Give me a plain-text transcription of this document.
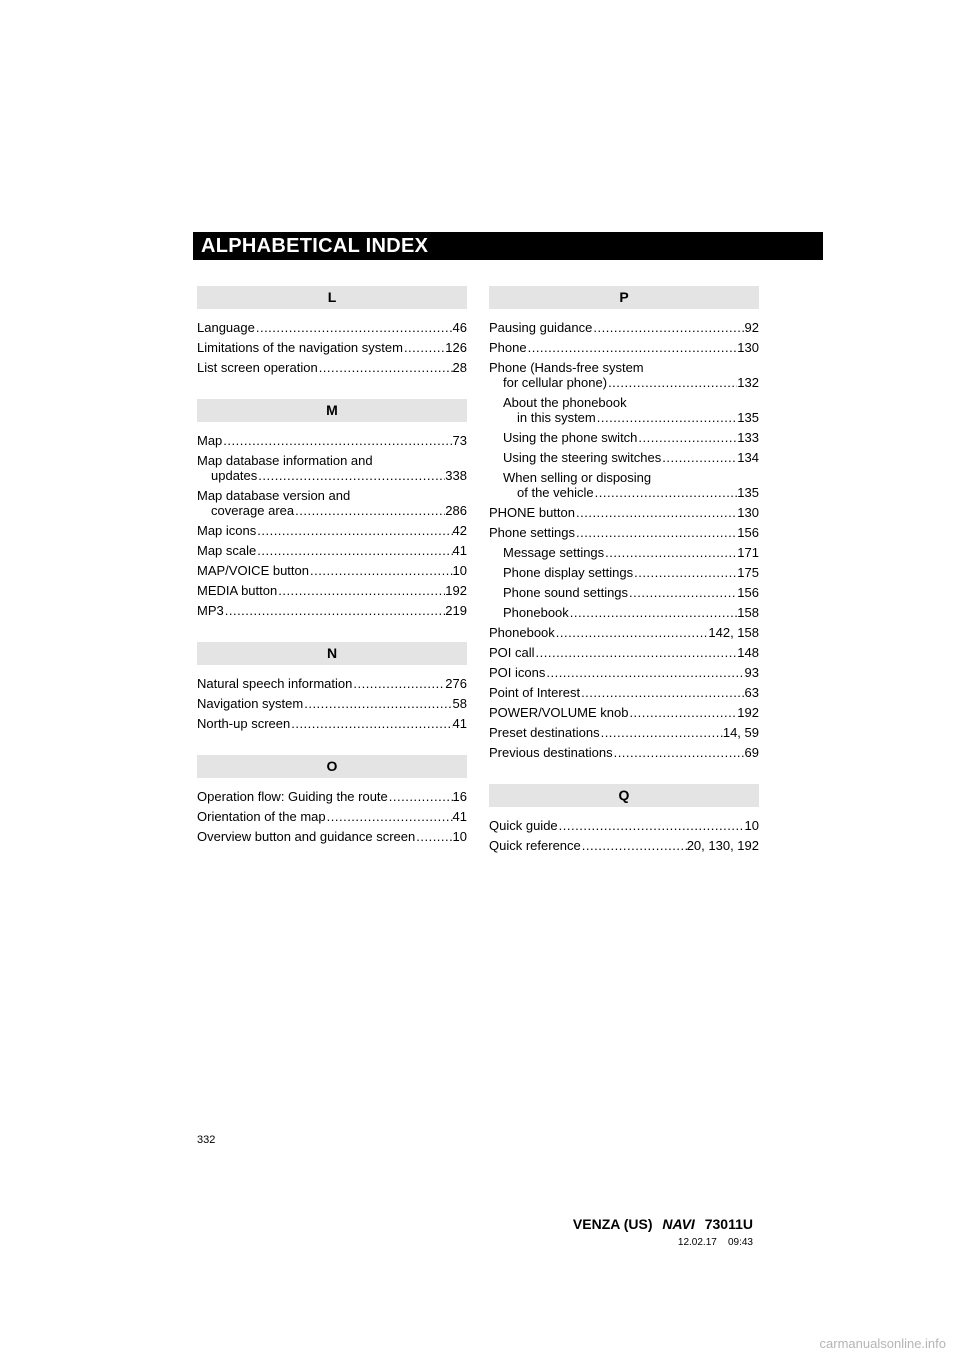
ALPHABETICAL INDEX
L
Language .....	46
Limitations of the navigation system .....	126
List screen operation .....	28
M
Map .....	73
Map database information and
updates .....	338
Map database version and
coverage area .....	286
Map icons .....	42
Map scale .....	41
MAP/VOICE button .....	10
MEDIA button .....	192
MP3 .....	219
N
Natural speech information .....	276
Navigation system .....	58
North-up screen .....	41
O
Operation flow: Guiding the route .....	16
Orientation of the map .....	41
Overview button and guidance screen .....	10
P
Pausing guidance .....	92
Phone .....	130
Phone (Hands-free system
for cellular phone) .....	132
About the phonebook
in this system .....	135
Using the phone switch .....	133
Using the steering switches .....	134
When selling or disposing
of the vehicle .....	135
PHONE button .....	130
Phone settings .....	156
Message settings .....	171
Phone display settings .....	175
Phone sound settings .....	156
Phonebook .....	158
Phonebook .....	142, 158
POI call .....	148
POI icons .....	93
Point of Interest .....	63
POWER/VOLUME knob .....	192
Preset destinations .....	14, 59
Previous destinations .....	69
Q
Quick guide .....	10
Quick reference .....	20, 130, 192
332
VENZA (US) NAVI 73011U
12.02.17 09:43
carmanualsonline.info
